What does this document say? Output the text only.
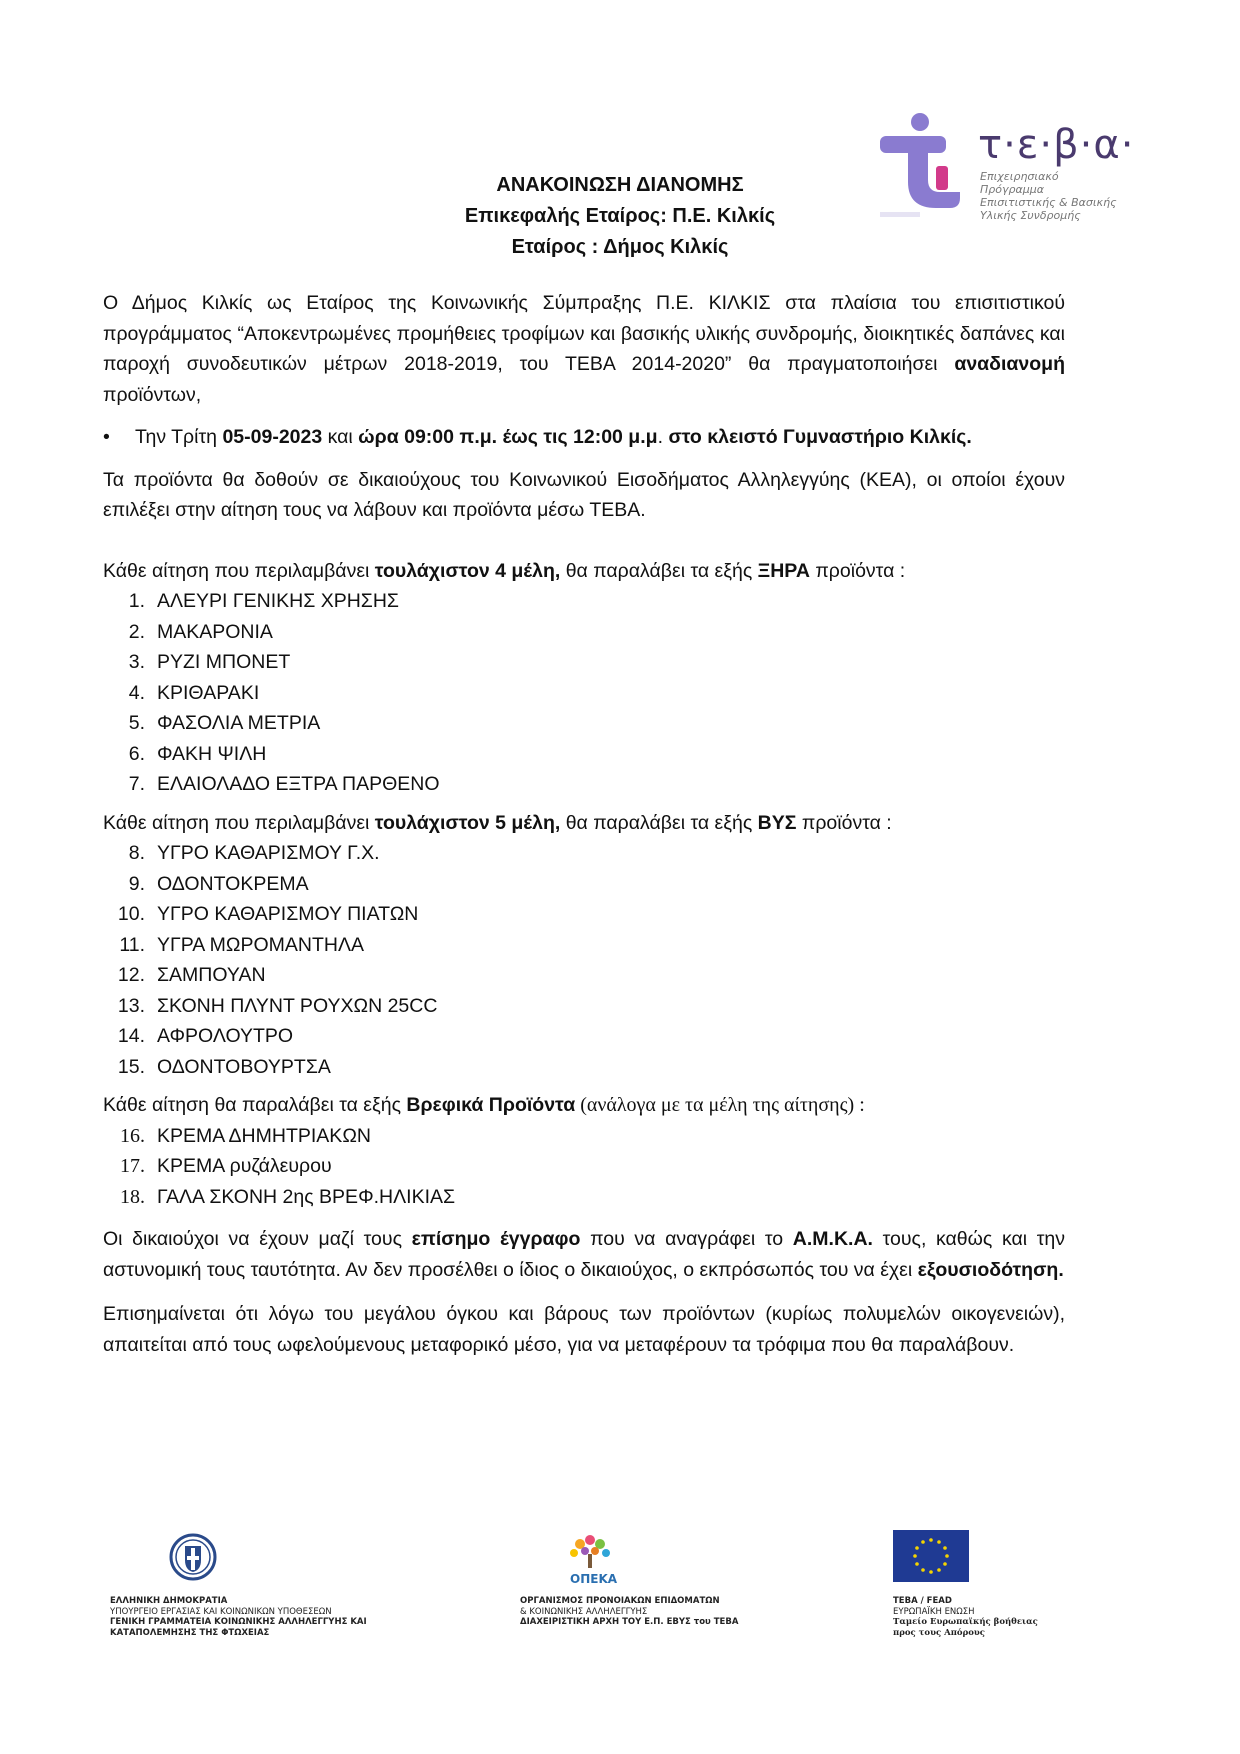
τ·ε·β·α·
Επιχειρησιακό Πρόγραμμα
Επισιτιστικής & Βασικής
Υλικής Συνδρομής
ΑΝΑΚΟΙΝΩΣΗ ΔΙΑΝΟΜΗΣ
Επικεφαλής Εταίρος: Π.Ε. Κιλκίς
Εταίρος : Δήμος Κιλκίς

Ο Δήμος Κιλκίς ως Εταίρος της Κοινωνικής Σύμπραξης Π.Ε. ΚΙΛΚΙΣ στα πλαίσια του επισιτιστικού προγράμματος “Αποκεντρωμένες προμήθειες τροφίμων και βασικής υλικής συνδρομής, διοικητικές δαπάνες και παροχή συνοδευτικών μέτρων 2018-2019, του ΤΕΒΑ 2014-2020” θα πραγματοποιήσει αναδιανομή προϊόντων,

•	Την Τρίτη 05-09-2023 και ώρα 09:00 π.μ. έως τις 12:00 μ.μ. στο κλειστό Γυμναστήριο Κιλκίς.

Τα προϊόντα θα δοθούν σε δικαιούχους του Κοινωνικού Εισοδήματος Αλληλεγγύης (ΚΕΑ), οι οποίοι έχουν επιλέξει στην αίτηση τους να λάβουν και προϊόντα μέσω ΤΕΒΑ.

Κάθε αίτηση που περιλαμβάνει τουλάχιστον 4 μέλη, θα παραλάβει τα εξής ΞΗΡΑ προϊόντα :

1. ΑΛΕΥΡΙ ΓΕΝΙΚΗΣ ΧΡΗΣΗΣ
2. ΜΑΚΑΡΟΝΙΑ
3. ΡΥΖΙ ΜΠΟΝΕΤ
4. ΚΡΙΘΑΡΑΚΙ
5. ΦΑΣΟΛΙΑ ΜΕΤΡΙΑ
6. ΦΑΚΗ ΨΙΛΗ
7. ΕΛΑΙΟΛΑΔΟ ΕΞΤΡΑ ΠΑΡΘΕΝΟ

Κάθε αίτηση που περιλαμβάνει τουλάχιστον 5 μέλη, θα παραλάβει τα εξής ΒΥΣ προϊόντα :

8. ΥΓΡΟ ΚΑΘΑΡΙΣΜΟΥ Γ.Χ.
9. ΟΔΟΝΤΟΚΡΕΜΑ
10. ΥΓΡΟ ΚΑΘΑΡΙΣΜΟΥ ΠΙΑΤΩΝ
11. ΥΓΡΑ ΜΩΡΟΜΑΝΤΗΛΑ
12. ΣΑΜΠΟΥΑΝ
13. ΣΚΟΝΗ ΠΛΥΝΤ ΡΟΥΧΩΝ 25CC
14. ΑΦΡΟΛΟΥΤΡΟ
15. ΟΔΟΝΤΟΒΟΥΡΤΣΑ

Κάθε αίτηση θα παραλάβει τα εξής Βρεφικά Προϊόντα (ανάλογα με τα μέλη της αίτησης) :

16. ΚΡΕΜΑ ΔΗΜΗΤΡΙΑΚΩΝ
17. ΚΡΕΜΑ ρυζάλευρου
18. ΓΑΛΑ ΣΚΟΝΗ 2ης ΒΡΕΦ.ΗΛΙΚΙΑΣ

Οι δικαιούχοι να έχουν μαζί τους επίσημο έγγραφο που να αναγράφει το Α.Μ.Κ.Α. τους, καθώς και την αστυνομική τους ταυτότητα. Αν δεν προσέλθει ο ίδιος ο δικαιούχος, ο εκπρόσωπός του να έχει εξουσιοδότηση.

Επισημαίνεται ότι λόγω του μεγάλου όγκου και βάρους των προϊόντων (κυρίως πολυμελών οικογενειών), απαιτείται από τους ωφελούμενους μεταφορικό μέσο, για να μεταφέρουν τα τρόφιμα που θα παραλάβουν.

ΕΛΛΗΝΙΚΗ ΔΗΜΟΚΡΑΤΙΑ
ΥΠΟΥΡΓΕΙΟ ΕΡΓΑΣΙΑΣ ΚΑΙ ΚΟΙΝΩΝΙΚΩΝ ΥΠΟΘΕΣΕΩΝ
ΓΕΝΙΚΗ ΓΡΑΜΜΑΤΕΙΑ ΚΟΙΝΩΝΙΚΗΣ ΑΛΛΗΛΕΓΓΥΗΣ ΚΑΙ
ΚΑΤΑΠΟΛΕΜΗΣΗΣ ΤΗΣ ΦΤΩΧΕΙΑΣ
ΟΠΕΚΑ
ΟΡΓΑΝΙΣΜΟΣ ΠΡΟΝΟΙΑΚΩΝ ΕΠΙΔΟΜΑΤΩΝ
& ΚΟΙΝΩΝΙΚΗΣ ΑΛΛΗΛΕΓΓΥΗΣ
ΔΙΑΧΕΙΡΙΣΤΙΚΗ ΑΡΧΗ ΤΟΥ Ε.Π. ΕΒΥΣ του ΤΕΒΑ
ΤΕΒΑ / FEAD
ΕΥΡΩΠΑΪΚΗ ΕΝΩΣΗ
Ταμείο Ευρωπαϊκής βοήθειας
προς τους Απόρους
